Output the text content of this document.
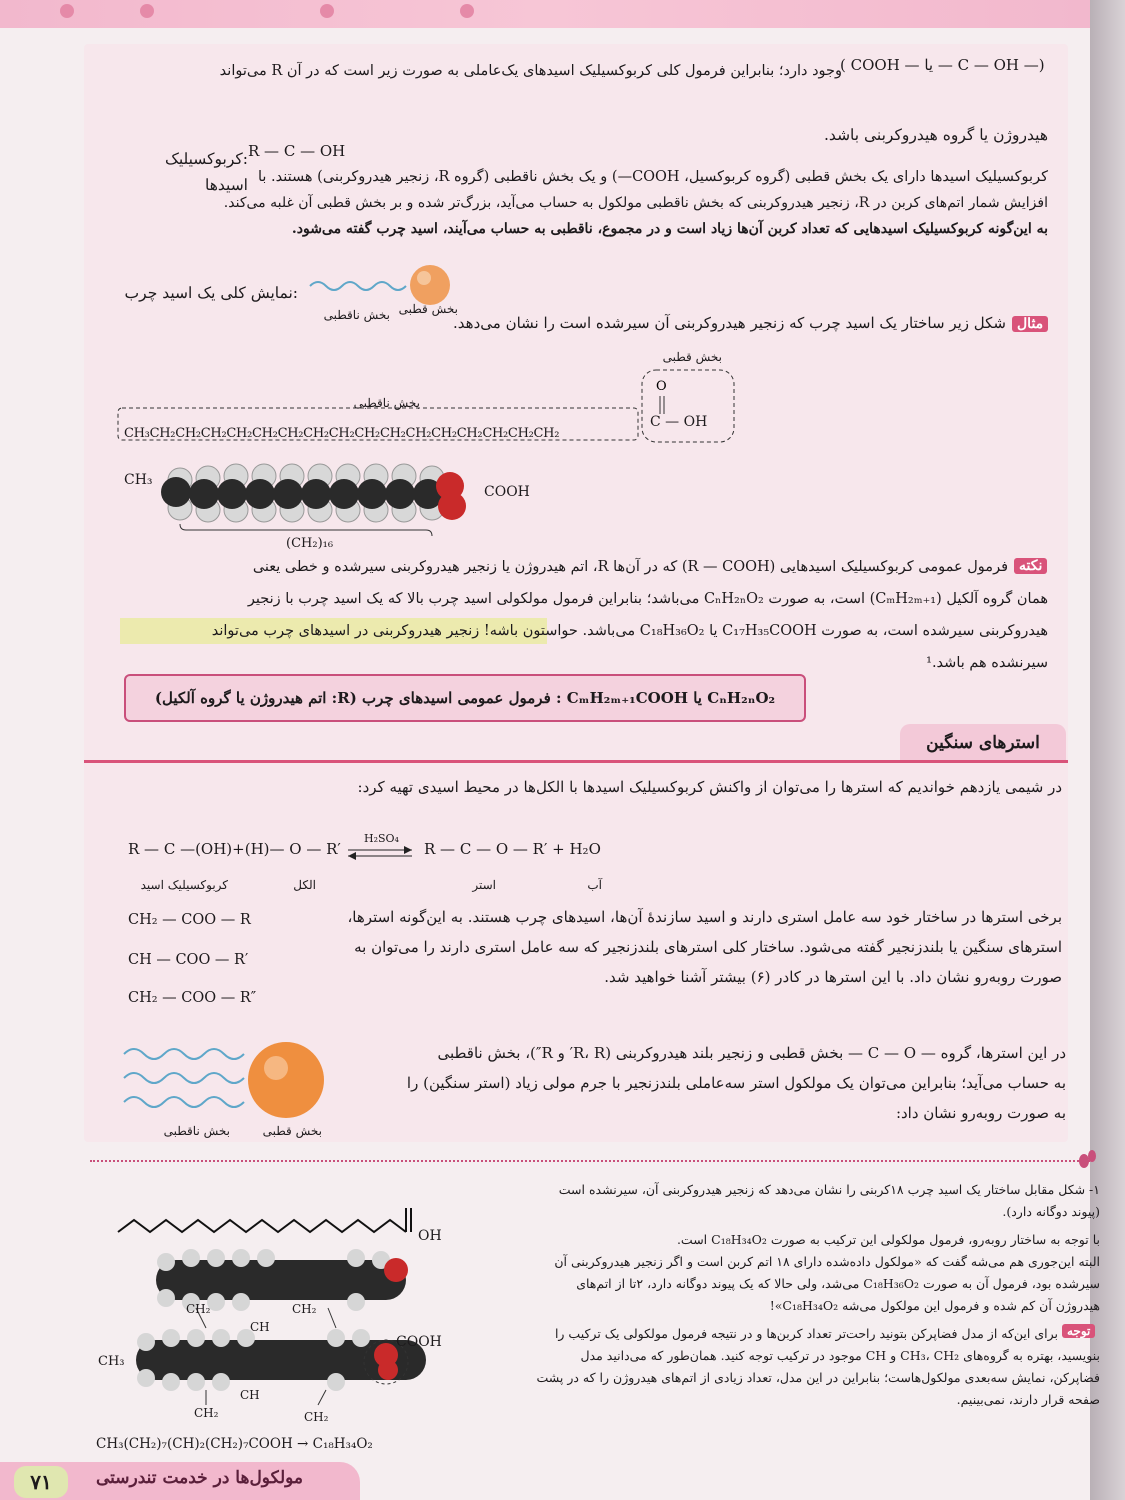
( COOH — یا — C — OH —)
وجود دارد؛ بنابراین فرمول کلی کربوکسیلیک اسیدهای یک‌عاملی به صورت زیر است که در آن R می‌تواند
هیدروژن یا گروه هیدروکربنی باشد.
R — C — OH
:کربوکسیلیک اسیدها کربوکسیلیک اسیدها دارای یک بخش قطبی (گروه کربوکسیل، COOH—) و یک بخش ناقطبی (گروه R، زنجیر هیدروکربنی) هستند. با
افزایش شمار اتم‌های کربن در R، زنجیر هیدروکربنی که بخش ناقطبی مولکول به حساب می‌آید، بزرگ‌تر شده و بر بخش قطبی آن غلبه می‌کند.
به این‌گونه کربوکسیلیک اسیدهایی که تعداد کربن آن‌ها زیاد است و در مجموع، ناقطبی به حساب می‌آیند، اسید چرب گفته می‌شود.
بخش قطبی
بخش ناقطبی
:نمایش کلی یک اسید چرب
مثال
شکل زیر ساختار یک اسید چرب که زنجیر هیدروکربنی آن سیرشده است را نشان می‌دهد.
بخش قطبی
بخش ناقطبی
O
CH₃CH₂CH₂CH₂CH₂CH₂CH₂CH₂CH₂CH₂CH₂CH₂CH₂CH₂CH₂CH₂CH₂
C — OH
CH₃
COOH
(CH₂)₁₆
نکته
فرمول عمومی کربوکسیلیک اسیدهایی (R — COOH) که در آن‌ها R، اتم هیدروژن یا زنجیر هیدروکربنی سیرشده و خطی یعنی
همان گروه آلکیل (CₘH₂ₘ₊₁) است، به صورت CₙH₂ₙO₂ می‌باشد؛ بنابراین فرمول مولکولی اسید چرب بالا که یک اسید چرب با زنجیر
هیدروکربنی سیرشده است، به صورت C₁₇H₃₅COOH یا C₁₈H₃₆O₂ می‌باشد. حواستون باشه! زنجیر هیدروکربنی در اسیدهای چرب می‌تواند
سیرنشده هم باشد.¹
CₙH₂ₙO₂ یا CₘH₂ₘ₊₁COOH : فرمول عمومی اسیدهای چرب (R: اتم هیدروژن یا گروه آلکیل)
استرهای سنگین
در شیمی یازدهم خواندیم که استرها را می‌توان از واکنش کربوکسیلیک اسیدها با الکل‌ها در محیط اسیدی تهیه کرد:
R — C —(OH)+(H)— O — R′
H₂SO₄
R — C — O — R′ + H₂O
کربوکسیلیک اسید	الکل	استر	آب
CH₂ — COO — R
CH — COO — R′
CH₂ — COO — R″
برخی استرها در ساختار خود سه عامل استری دارند و اسید سازندهٔ آن‌ها، اسیدهای چرب هستند. به این‌گونه استرها،
استرهای سنگین یا بلندزنجیر گفته می‌شود. ساختار کلی استرهای بلندزنجیر که سه عامل استری دارند را می‌توان به
صورت روبه‌رو نشان داد. با این استرها در کادر (۶) بیشتر آشنا خواهید شد.
بخش قطبی
بخش ناقطبی
در این استرها، گروه — C — O — بخش قطبی و زنجیر بلند هیدروکربنی (R، R′ و R″)، بخش ناقطبی
به حساب می‌آید؛ بنابراین می‌توان یک مولکول استر سه‌عاملی بلندزنجیر با جرم مولی زیاد (استر سنگین) را
به صورت روبه‌رو نشان داد:
۱- شکل مقابل ساختار یک اسید چرب ۱۸کربنی را نشان می‌دهد که زنجیر هیدروکربنی آن، سیرنشده است
(پیوند دوگانه دارد).
با توجه به ساختار روبه‌رو، فرمول مولکولی این ترکیب به صورت C₁₈H₃₄O₂ است.
البته این‌جوری هم می‌شه گفت که «مولکول داده‌شده دارای ۱۸ اتم کربن است و اگر زنجیر هیدروکربنی آن
سیرشده بود، فرمول آن به صورت C₁₈H₃₆O₂ می‌شد، ولی حالا که یک پیوند دوگانه دارد، ۲تا از اتم‌های
هیدروژن آن کم شده و فرمول این مولکول می‌شه C₁₈H₃₄O₂»!
توجه
برای این‌که از مدل فضاپرکن بتونید راحت‌تر تعداد کربن‌ها و در نتیجه فرمول مولکولی یک ترکیب را
بنویسید، بهتره به گروه‌های CH₃، CH₂ و CH موجود در ترکیب توجه کنید. همان‌طور که می‌دانید مدل
فضاپرکن، نمایش سه‌بعدی مولکول‌هاست؛ بنابراین در این مدل، تعداد زیادی از اتم‌های هیدروژن را که در پشت
صفحه قرار دارند، نمی‌بینیم.
OH
COOH
CH₃
CH₂	CH₂
CH
CH
CH₂	CH₂
CH₃(CH₂)₇(CH)₂(CH₂)₇COOH → C₁₈H₃₄O₂
۷۱	مولکول‌ها در خدمت تندرستی
